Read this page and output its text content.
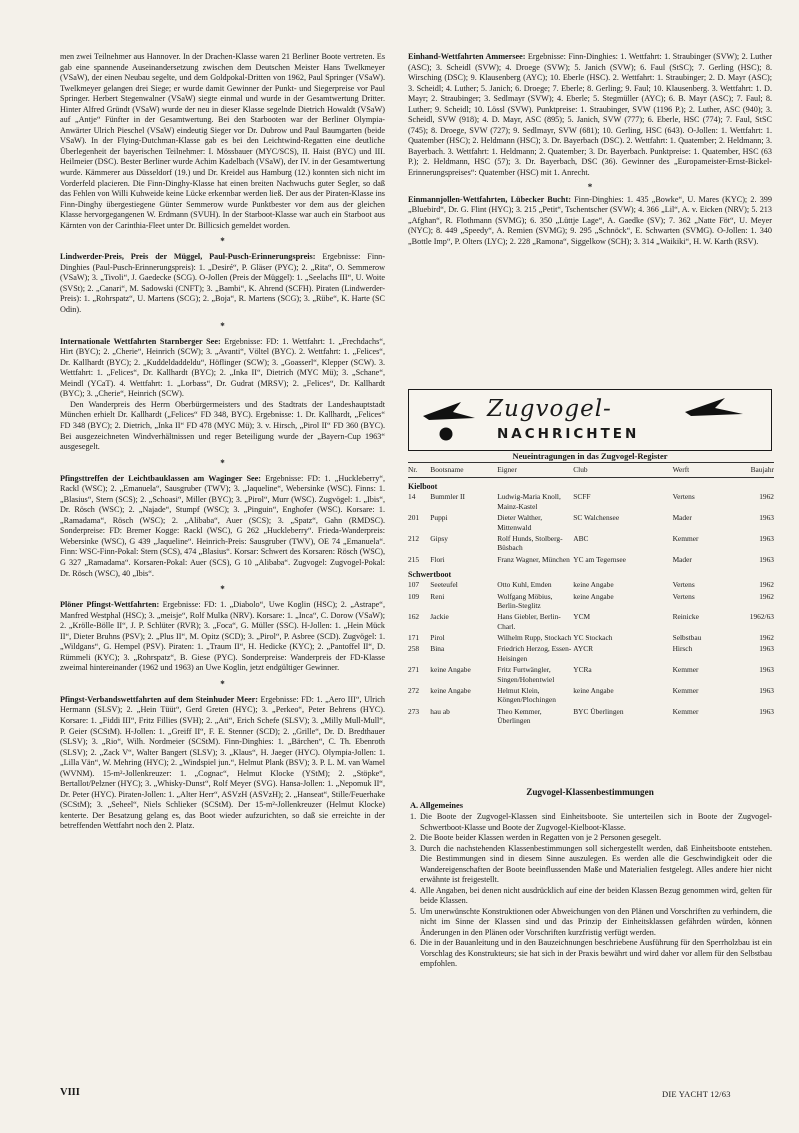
men zwei Teilnehmer aus Hannover. In der Drachen-Klasse waren 21 Berliner Boote vertreten. Es gab eine spannende Auseinandersetzung zwischen dem Deutschen Meister Hans Twelkmeyer (VSaW), der einen Neubau segelte, und dem Goldpokal-Dritten von 1962, Paul Springer (VSaW). Twelkmeyer gelangen drei Siege; er wurde damit Gewinner der Punkt- und Siegerpreise vor Paul Springer. Herbert Stegenwalner (VSaW) siegte einmal und wurde in der Gesamtwertung Dritter. Hinter Alfred Gründt (VSaW) wurde der neu in dieser Klasse segelnde Dietrich Howaldt (VSaW) auf „Antje“ Fünfter in der Gesamtwertung. Bei den Starbooten war der Berliner Olympia-Anwärter Ulrich Pieschel (VSaW) eindeutig Sieger vor Dr. Dubrow und Paul Baumgarten (beide VSaW). In der Flying-Dutchman-Klasse gab es bei den Leichtwind-Regatten eine deutliche Überlegenheit der bayerischen Teilnehmer: I. Mössbauer (MYC/SCS), II. Haist (BYC) und III. Heilmeier (DSC). Bester Berliner wurde Achim Kadelbach (VSaW), der IV. in der Gesamtwertung wurde. Kämmerer aus Düsseldorf (19.) und Dr. Kreidel aus Hamburg (12.) konnten sich nicht im Vorderfeld placieren. Die Finn-Dinghy-Klasse hat einen breiten Nachwuchs guter Segler, so daß das Fehlen von Willi Kuhweide keine Lücke erkennbar werden ließ. Der aus der Piraten-Klasse ins Finn-Dinghy übergestiegene Günter Semmerow wurde Punktbester vor dem aus der gleichen Klasse hervorgegangenen W. Erdmann (SVUH). In der Starboot-Klasse war auch ein Starboot aus Kärnten von der Carinthia-Fleet unter Dr. Billicsich gemeldet worden.

*

Lindwerder-Preis, Preis der Müggel, Paul-Pusch-Erinnerungspreis: Ergebnisse: Finn-Dinghies (Paul-Pusch-Erinnerungspreis): 1. „Desiré“, P. Gläser (PYC); 2. „Rita“, O. Semmerow (VSaW); 3. „Tivoli“, J. Gaedecke (SCG). O-Jollen (Preis der Müggel): 1. „Seelachs III“, U. Woite (SVSt); 2. „Canari“, M. Sadowski (CNFT); 3. „Bambi“, K. Ahrend (SCFH). Piraten (Lindwerder-Preis): 1. „Rohrspatz“, U. Martens (SCG); 2. „Boja“, R. Martens (SCG); 3. „Rübe“, K. Harte (SC Odin).

*

Internationale Wettfahrten Starnberger See: Ergebnisse: FD: 1. Wettfahrt: 1. „Frechdachs“, Hirt (BYC); 2. „Cherie“, Heinrich (SCW); 3. „Avanti“, Völtel (BYC). 2. Wettfahrt: 1. „Felices“, Dr. Kallhardt (BYC); 2. „Kuddeldaddeldu“, Höflinger (SCW); 3. „Goasserl“, Klepper (SCW). 3. Wettfahrt: 1. „Felices“, Dr. Kallhardt (BYC); 2. „Inka II“, Dietrich (MYC Mü); 3. „Schane“, Meindl (YCaT). 4. Wettfahrt: 1. „Lorbass“, Dr. Gudrat (MRSV); 2. „Felices“, Dr. Kallhardt (BYC); 3. „Cherie“, Heinrich (SCW).

Den Wanderpreis des Herrn Oberbürgermeisters und des Stadtrats der Landeshauptstadt München erhielt Dr. Kallhardt („Felices“ FD 348, BYC). Ergebnisse: 1. Dr. Kallhardt, „Felices“ FD 348 (BYC); 2. Dietrich, „Inka II“ FD 478 (MYC Mü); 3. v. Hirsch, „Pirol II“ FD 360 (BYC). Bei ausgezeichneten Windverhältnissen und reger Beteiligung wurde der „Bayern-Cup 1963“ ausgesegelt.

*

Pfingsttreffen der Leichtbauklassen am Waginger See: Ergebnisse: FD: 1. „Huckleberry“, Rackl (WSC); 2. „Emanuela“, Sausgruber (TWV); 3. „Jaqueline“, Webersinke (WSC). Finns: 1. „Blasius“, Stern (SCS); 2. „Schoasi“, Miller (BYC); 3. „Pirol“, Murr (WSC). Zugvögel: 1. „Ibis“, Dr. Rösch (WSC); 2. „Najade“, Stumpf (WSC); 3. „Pinguin“, Enghofer (WSC). Korsare: 1. „Ramadama“, Rösch (WSC); 2. „Alibaba“, Auer (SCS); 3. „Spatz“, Gahn (RMDSC). Sonderpreise: FD: Bremer Kogge: Rackl (WSC), G 262 „Huckleberry“. Frieda-Wanderpreis: Webersinke (WSC), G 439 „Jaqueline“. Heinrich-Preis: Sausgruber (TWV), OE 74 „Emanuela“. Finn: WSC-Finn-Pokal: Stern (SCS), 474 „Blasius“. Korsar: Schwert des Korsaren: Rösch (WSC), G 327 „Ramadama“. Korsaren-Pokal: Auer (SCS), G 10 „Alibaba“. Zugvogel: Zugvogel-Pokal: Dr. Rösch (WSC), 40 „Ibis“.

*

Plöner Pfingst-Wettfahrten: Ergebnisse: FD: 1. „Diabolo“, Uwe Koglin (HSC); 2. „Astrape“, Manfred Westphal (HSC); 3. „meisje“, Rolf Mulka (NRV). Korsare: 1. „Inca“, C. Dorow (VSaW); 2. „Krölle-Bölle II“, J. P. Schlüter (RVR); 3. „Foca“, G. Müller (SSC). H-Jollen: 1. „Hein Mück II“, Dieter Bruhns (PSV); 2. „Plus II“, M. Opitz (SCD); 3. „Pirol“, P. Asbree (SCD). Zugvögel: 1. „Wildgans“, G. Hempel (PSV). Piraten: 1. „Traum II“, H. Hedicke (KYC); 2. „Pantoffel II“, D. Rümmeli (KYC); 3. „Rohrspatz“, B. Giese (PYC). Sonderpreise: Wanderpreis der FD-Klasse zweimal hintereinander (1962 und 1963) an Uwe Koglin, jetzt endgültiger Gewinner.

*

Pfingst-Verbandswettfahrten auf dem Steinhuder Meer: Ergebnisse: FD: 1. „Aero III“, Ulrich Hermann (SLSV); 2. „Hein Tüüt“, Gerd Greten (HYC); 3. „Perkeo“, Peter Behrens (HYC). Korsare: 1. „Fiddi III“, Fritz Fillies (SVH); 2. „Ati“, Erich Schefe (SLSV); 3. „Milly Mull-Mull“, P. Geier (SCStM). H-Jollen: 1. „Greiff II“, F. E. Stenner (SCD); 2. „Grille“, Dr. D. Bredthauer (SLSV); 3. „Rio“, Wilh. Nordmeier (SCStM). Finn-Dinghies: 1. „Bärchen“, C. Th. Ebenroth (SLSV); 2. „Zack V“, Walter Bangert (SLSV); 3. „Klaus“, H. Jaeger (HYC). Olympia-Jollen: 1. „Lilla Vän“, W. Mehring (HYC); 2. „Windspiel jun.“, Helmut Plank (BSV); 3. P. L. M. van Wamel (WVNM). 15-m²-Jollenkreuzer: 1. „Cognac“, Helmut Klocke (YStM); 2. „Stöpke“, Bertallot/Pelzner (HYC); 3. „Whisky-Dunst“, Rolf Meyer (SVG). Hansa-Jollen: 1. „Nepomuk II“, Dr. Peter (HYC). Piraten-Jollen: 1. „Alter Herr“, ASVzH (ASVzH); 2. „Hanseat“, Stille/Feuerhake (SCStM); 3. „Seheel“, Niels Schlieker (SCStM). Der 15-m²-Jollenkreuzer (Helmut Klocke) kenterte. Der Besatzung gelang es, das Boot wieder aufzurichten, so daß sie erreichte in der betreffenden Wettfahrt noch den 2. Platz.

Einhand-Wettfahrten Ammersee: Ergebnisse: Finn-Dinghies: 1. Wettfahrt: 1. Straubinger (SVW); 2. Luther (ASC); 3. Scheidl (SVW); 4. Droege (SVW); 5. Janich (SVW); 6. Faul (StSC); 7. Gerling (HSC); 8. Wirsching (DSC); 9. Klausenberg (AYC); 10. Eberle (HSC). 2. Wettfahrt: 1. Straubinger; 2. D. Mayr (ASC); 3. Scheidl; 4. Luther; 5. Janich; 6. Droege; 7. Eberle; 8. Gerling; 9. Faul; 10. Klausenberg. 3. Wettfahrt: 1. D. Mayr; 2. Straubinger; 3. Sedlmayr (SVW); 4. Eberle; 5. Stegmüller (AYC); 6. B. Mayr (ASC); 7. Faul; 8. Luther; 9. Scheidl; 10. Lössl (SVW). Punktpreise: 1. Straubinger, SVW (1196 P.); 2. Luther, ASC (940); 3. Scheidl, SVW (918); 4. D. Mayr, ASC (895); 5. Janich, SVW (777); 6. Eberle, HSC (774); 7. Faul, StSC (745); 8. Droege, SVW (727); 9. Sedlmayr, SVW (681); 10. Gerling, HSC (643). O-Jollen: 1. Wettfahrt: 1. Quatember (HSC); 2. Heldmann (HSC); 3. Dr. Bayerbach (DSC). 2. Wettfahrt: 1. Quatember; 2. Heldmann; 3. Bayerbach. 3. Wettfahrt: 1. Heldmann; 2. Quatember; 3. Dr. Bayerbach. Punktpreise: 1. Quatember, HSC (63 P.); 2. Heldmann, HSC (57); 3. Dr. Bayerbach, DSC (36). Gewinner des „Europameister-Ernst-Bickel-Erinnerungspreises“: Quatember (HSC) mit 1. Anrecht.

*

Einmannjollen-Wettfahrten, Lübecker Bucht: Finn-Dinghies: 1. 435 „Bowke“, U. Mares (KYC); 2. 399 „Bluebird“, Dr. G. Flint (HYC); 3. 215 „Petit“, Tschentscher (SVW); 4. 366 „Lil“, A. v. Eicken (NRV); 5. 213 „Afghan“, R. Flothmann (SVMG); 6. 350 „Lüttje Lage“, A. Gaedke (SV); 7. 362 „Natte Föt“, U. Meyer (NYC); 8. 449 „Speedy“, A. Remien (SVMG); 9. 295 „Schnöck“, E. Schwarten (SVMG). O-Jollen: 1. 340 „Bottle Imp“, P. Olters (LYC); 2. 228 „Ramona“, Siggelkow (SCH); 3. 314 „Waikiki“, H. W. Karth (RSV).

Zugvogel-
NACHRICHTEN
Neueintragungen in das Zugvogel-Register
Nr.	Bootsname	Eigner	Club	Werft	Baujahr
Kielboot					
14	Bummler II	Ludwig-Maria Knoll, Mainz-Kastel	SCFF	Vertens	1962
201	Puppi	Dieter Walther, Mittenwald	SC Walchensee	Mader	1963
212	Gipsy	Rolf Hunds, Stolberg-Büsbach	ABC	Kemmer	1963
215	Flori	Franz Wagner, München	YC am Tegernsee	Mader	1963
Schwertboot					
107	Seeteufel	Otto Kuhl, Emden	keine Angabe	Vertens	1962
109	Reni	Wolfgang Möbius, Berlin-Steglitz	keine Angabe	Vertens	1962
162	Jackie	Hans Giebler, Berlin-Charl.	YCM	Reinicke	1962/63
171	Pirol	Wilhelm Rupp, Stockach	YC Stockach	Selbstbau	1962
258	Bina	Friedrich Herzog, Essen-Heisingen	AYCR	Hirsch	1963
271	keine Angabe	Fritz Furtwängler, Singen/Hohentwiel	YCRa	Kemmer	1963
272	keine Angabe	Helmut Klein, Köngen/Plochingen	keine Angabe	Kemmer	1963
273	hau ab	Theo Kemmer, Überlingen	BYC Überlingen	Kemmer	1963
Zugvogel-Klassenbestimmungen
A. Allgemeines
1. Die Boote der Zugvogel-Klassen sind Einheitsboote. Sie unterteilen sich in Boote der Zugvogel-Schwertboot-Klasse und Boote der Zugvogel-Kielboot-Klasse.
2. Die Boote beider Klassen werden in Regatten von je 2 Personen gesegelt.
3. Durch die nachstehenden Klassenbestimmungen soll sichergestellt werden, daß Einheitsboote entstehen. Die Bestimmungen sind in diesem Sinne auszulegen. Es werden alle die Geschwindigkeit oder die Wandereigenschaften der Boote beeinflussenden Maße und Materialien festgelegt. Alles andere hier nicht erwähnte ist freigestellt.
4. Alle Angaben, bei denen nicht ausdrücklich auf eine der beiden Klassen Bezug genommen wird, gelten für beide Klassen.
5. Um unerwünschte Konstruktionen oder Abweichungen von den Plänen und Vorschriften zu verhindern, die nicht im Sinne der Klassen sind und das Prinzip der Einheitsklassen gefährden würden, können Änderungen in den Plänen oder Vorschriften kurzfristig verfügt werden.
6. Die in der Bauanleitung und in den Bauzeichnungen beschriebene Ausführung für den Sperrholzbau ist ein Vorschlag des Konstrukteurs; sie hat sich in der Praxis bewährt und wird daher vor allem für den Selbstbau empfohlen.
VIII	DIE YACHT 12/63
